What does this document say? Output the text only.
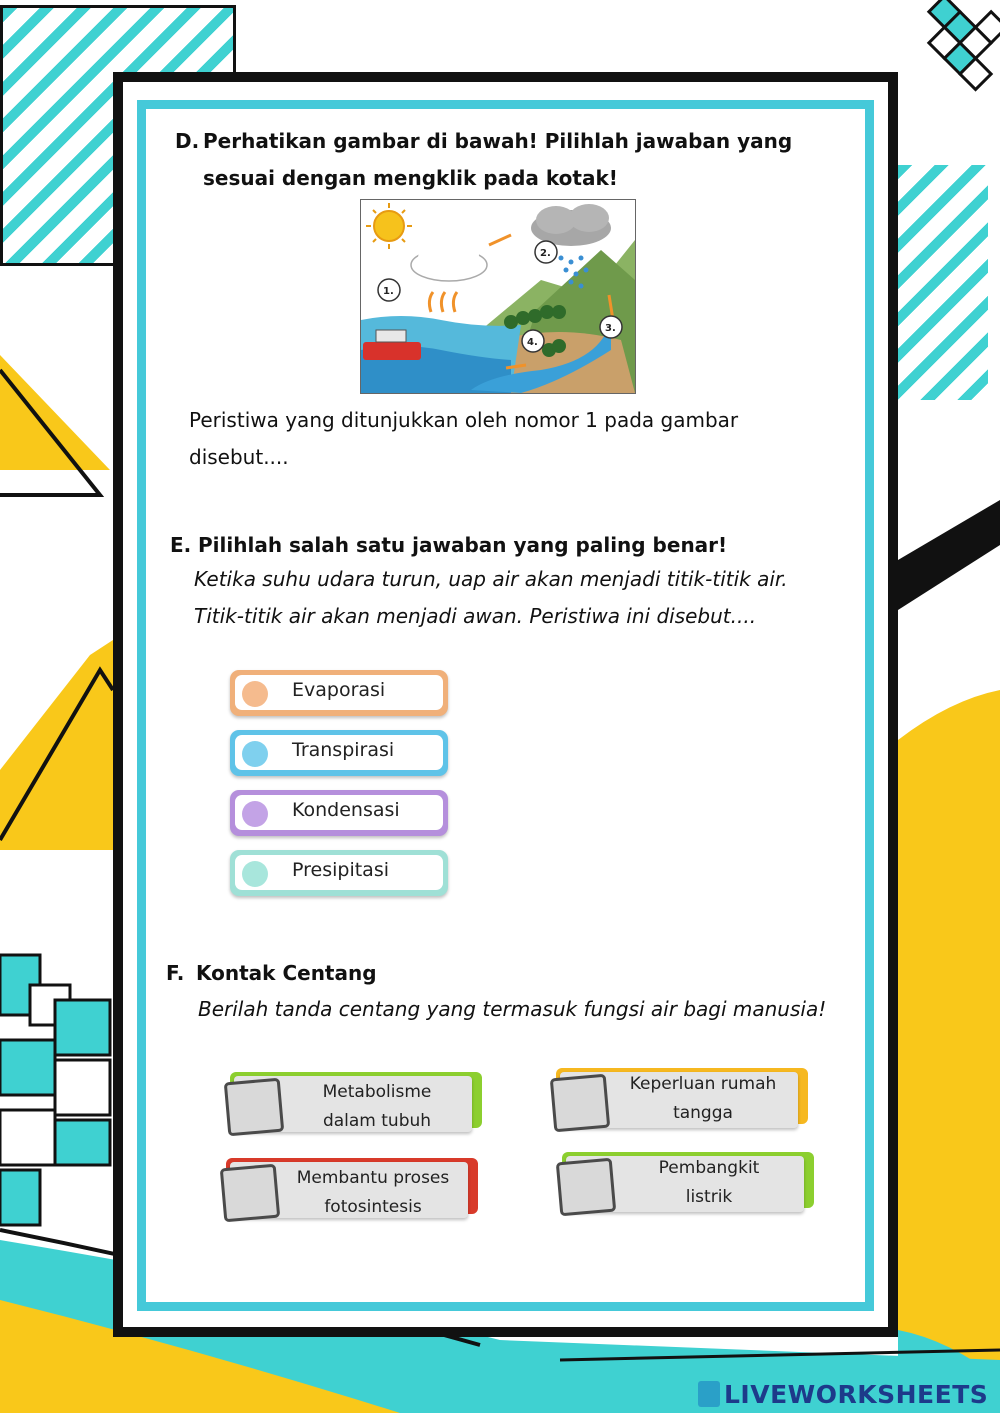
D. Perhatikan gambar di bawah! Pilihlah jawaban yang
sesuai dengan mengklik pada kotak!
1.
2.
3.
4.
Peristiwa yang ditunjukkan oleh nomor 1 pada gambar
disebut....
E. Pilihlah salah satu jawaban yang paling benar!
Ketika suhu udara turun, uap air akan menjadi titik-titik air.
Titik-titik air akan menjadi awan. Peristiwa ini disebut....
Evaporasi
Transpirasi
Kondensasi
Presipitasi
F. Kontak Centang
Berilah tanda centang yang termasuk fungsi air bagi manusia!
Metabolisme
dalam tubuh
Keperluan rumah
tangga
Membantu proses
fotosintesis
Pembangkit
listrik
LIVEWORKSHEETS
